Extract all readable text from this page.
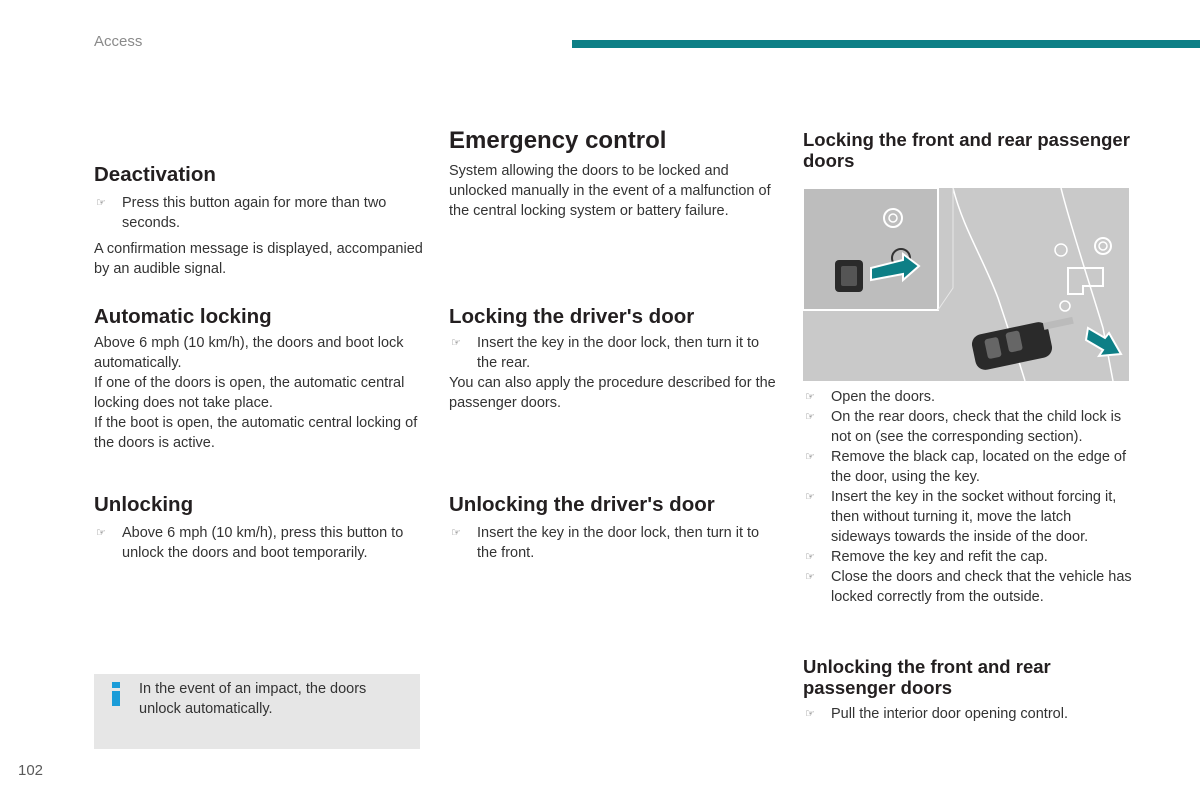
Access
Deactivation
☞ Press this button again for more than two seconds.

A confirmation message is displayed, accompanied by an audible signal.

Automatic locking

Above 6 mph (10 km/h), the doors and boot lock automatically.

If one of the doors is open, the automatic central locking does not take place.

If the boot is open, the automatic central locking of the doors is active.

Unlocking
☞ Above 6 mph (10 km/h), press this button to unlock the doors and boot temporarily.
In the event of an impact, the doors unlock automatically.
Emergency control

System allowing the doors to be locked and unlocked manually in the event of a malfunction of the central locking system or battery failure.

Locking the driver's door
☞ Insert the key in the door lock, then turn it to the rear.

You can also apply the procedure described for the passenger doors.

Unlocking the driver's door
☞ Insert the key in the door lock, then turn it to the front.
Locking the front and rear passenger doors
☞ Open the doors.
☞ On the rear doors, check that the child lock is not on (see the corresponding section).
☞ Remove the black cap, located on the edge of the door, using the key.
☞ Insert the key in the socket without forcing it, then without turning it, move the latch sideways towards the inside of the door.
☞ Remove the key and refit the cap.
☞ Close the doors and check that the vehicle has locked correctly from the outside.
Unlocking the front and rear passenger doors
☞ Pull the interior door opening control.
102
